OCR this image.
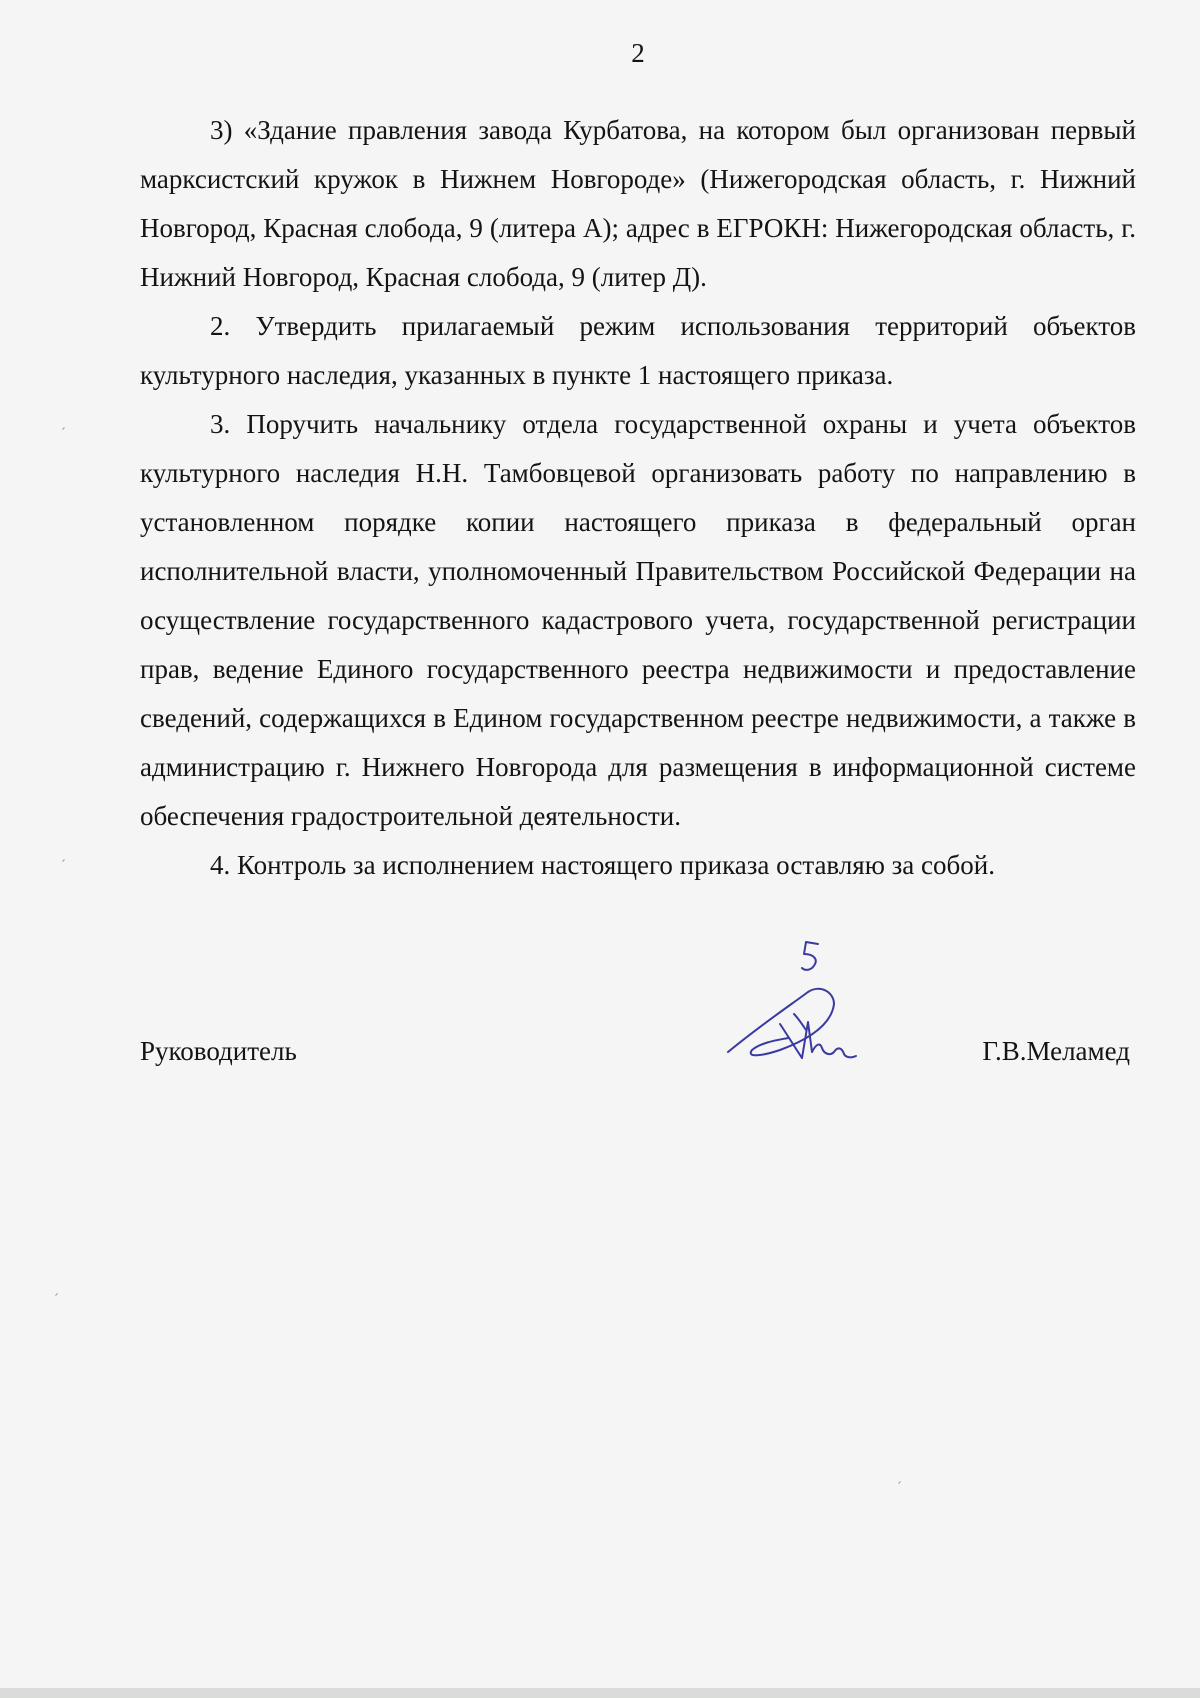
2

3) «Здание правления завода Курбатова, на котором был организован первый марксистский кружок в Нижнем Новгороде» (Нижегородская область, г. Нижний Новгород, Красная слобода, 9 (литера А); адрес в ЕГРОКН: Нижегородская область, г. Нижний Новгород, Красная слобода, 9 (литер Д).

2. Утвердить прилагаемый режим использования территорий объектов культурного наследия, указанных в пункте 1 настоящего приказа.

3. Поручить начальнику отдела государственной охраны и учета объектов культурного наследия Н.Н. Тамбовцевой организовать работу по направлению в установленном порядке копии настоящего приказа в федеральный орган исполнительной власти, уполномоченный Правительством Российской Федерации на осуществление государственного кадастрового учета, государственной регистрации прав, ведение Единого государственного реестра недвижимости и предоставление сведений, содержащихся в Едином государственном реестре недвижимости, а также в администрацию г. Нижнего Новгорода для размещения в информационной системе обеспечения градостроительной деятельности.

4. Контроль за исполнением настоящего приказа оставляю за собой.

Руководитель	Г.В.Меламед
